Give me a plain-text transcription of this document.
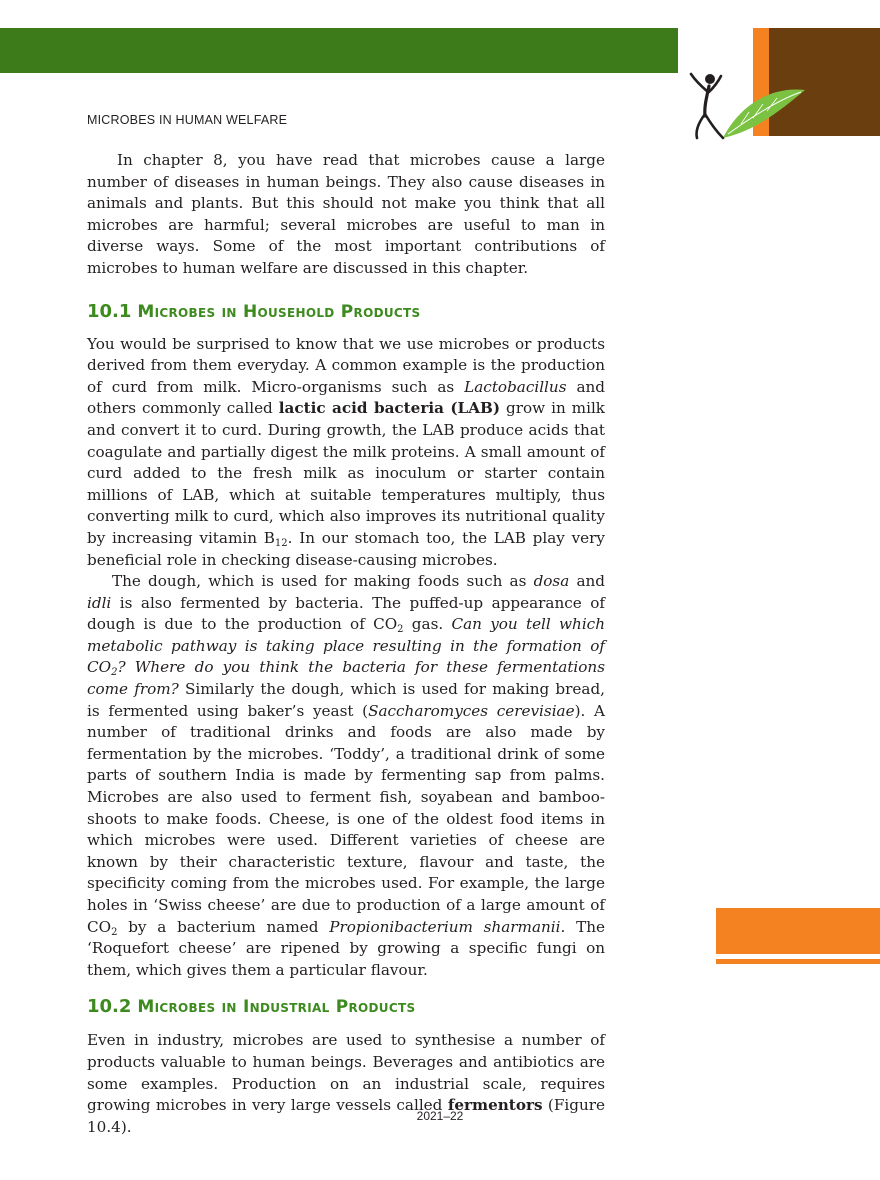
MICROBES IN HUMAN WELFARE

In chapter 8, you have read that microbes cause a large number of diseases in human beings. They also cause diseases in animals and plants. But this should not make you think that all microbes are harmful; several microbes are useful to man in diverse ways. Some of the most important contributions of microbes to human welfare are discussed in this chapter.

10.1 Microbes in Household Products

You would be surprised to know that we use microbes or products derived from them everyday. A common example is the production of curd from milk. Micro-organisms such as Lactobacillus and others commonly called lactic acid bacteria (LAB) grow in milk and convert it to curd. During growth, the LAB produce acids that coagulate and partially digest the milk proteins. A small amount of curd added to the fresh milk as inoculum or starter contain millions of LAB, which at suitable temperatures multiply, thus converting milk to curd, which also improves its nutritional quality by increasing vitamin $B_{12}$. In our stomach too, the LAB play very beneficial role in checking disease-causing microbes.

The dough, which is used for making foods such as dosa and idli is also fermented by bacteria. The puffed-up appearance of dough is due to the production of $CO_2$ gas. Can you tell which metabolic pathway is taking place resulting in the formation of $CO_2$? Where do you think the bacteria for these fermentations come from? Similarly the dough, which is used for making bread, is fermented using baker’s yeast (Saccharomyces cerevisiae). A number of traditional drinks and foods are also made by fermentation by the microbes. ‘Toddy’, a traditional drink of some parts of southern India is made by fermenting sap from palms. Microbes are also used to ferment fish, soyabean and bamboo-shoots to make foods. Cheese, is one of the oldest food items in which microbes were used. Different varieties of cheese are known by their characteristic texture, flavour and taste, the specificity coming from the microbes used. For example, the large holes in ‘Swiss cheese’ are due to production of a large amount of $CO_2$ by a bacterium named Propionibacterium sharmanii. The ‘Roquefort cheese’ are ripened by growing a specific fungi on them, which gives them a particular flavour.

10.2 Microbes in Industrial Products

Even in industry, microbes are used to synthesise a number of products valuable to human beings. Beverages and antibiotics are some examples. Production on an industrial scale, requires growing microbes in very large vessels called fermentors (Figure 10.4).

2021–22
